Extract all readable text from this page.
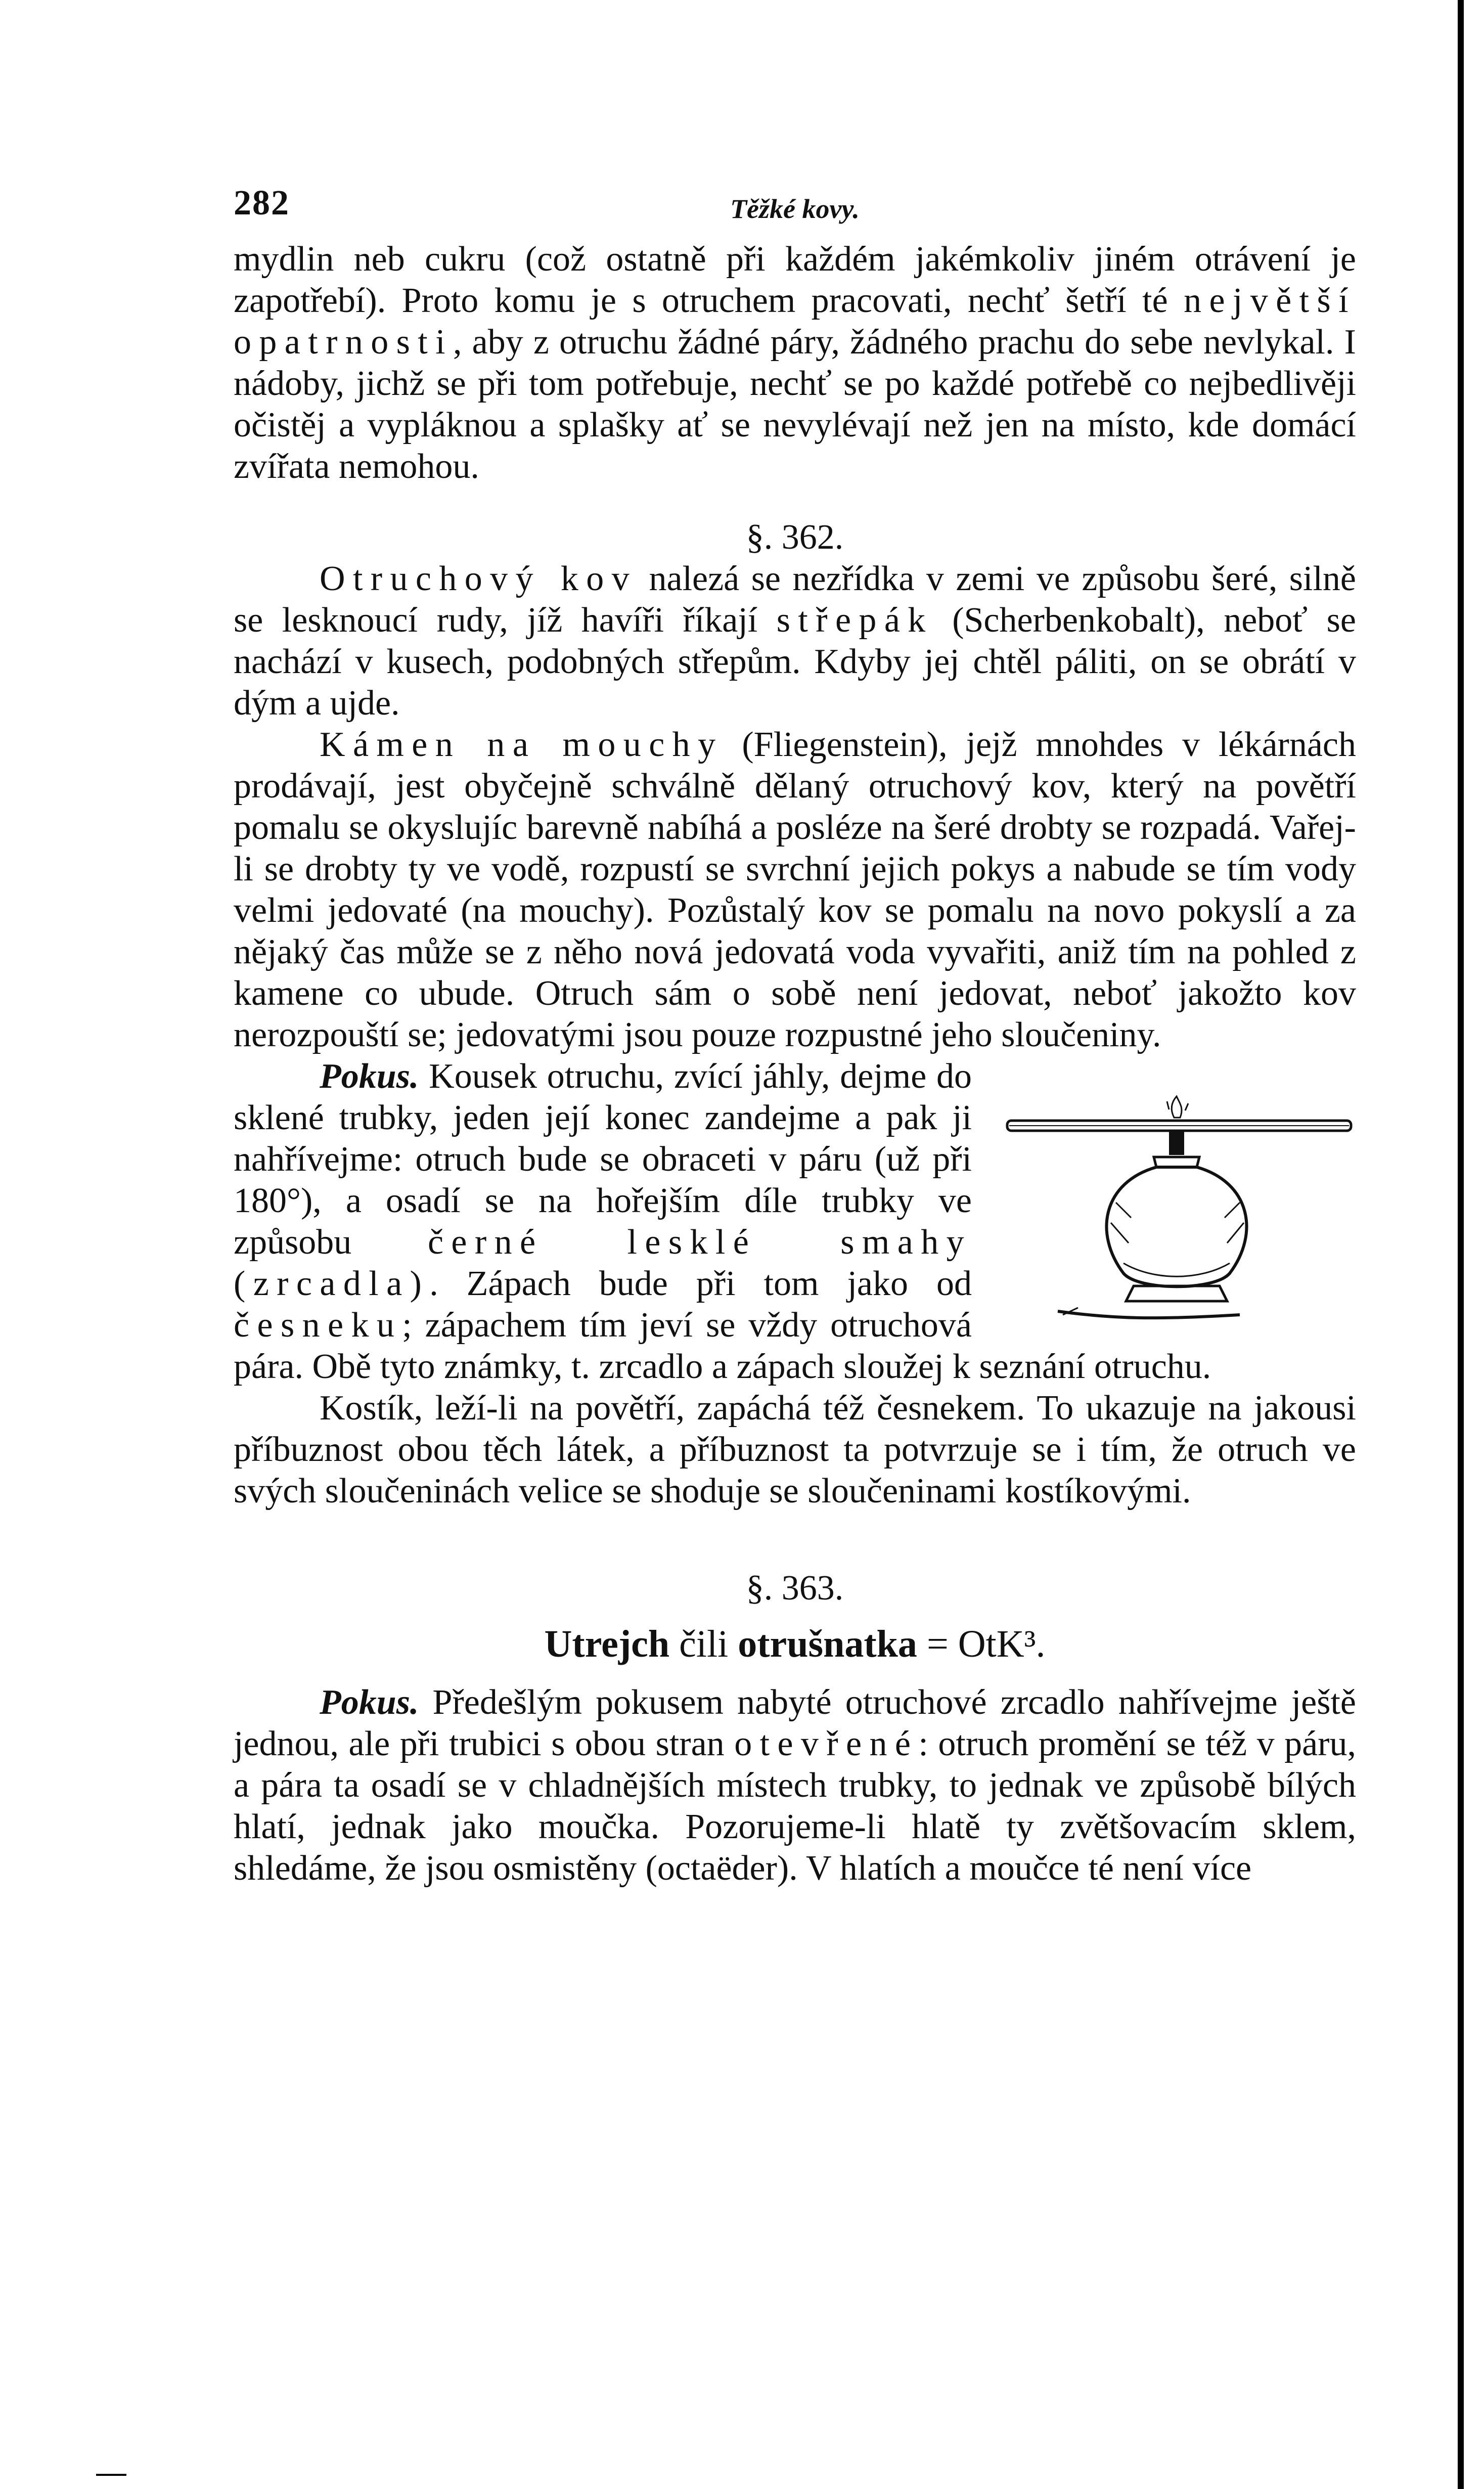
282	Těžké kovy.

mydlin neb cukru (což ostatně při každém jakémkoliv jiném otrávení je zapotřebí). Proto komu je s otruchem pracovati, nechť šetří té největší opatrnosti, aby z otruchu žádné páry, žádného prachu do sebe nevlykal. I nádoby, jichž se při tom potřebuje, nechť se po každé potřebě co nejbedlivěji očistěj a vypláknou a splašky ať se nevylévají než jen na místo, kde domácí zvířata nemohou.

§. 362.

Otruchový kov nalezá se nezřídka v zemi ve způsobu šeré, silně se lesknoucí rudy, jíž havíři říkají střepák (Scherbenkobalt), neboť se nachází v kusech, podobných střepům. Kdyby jej chtěl páliti, on se obrátí v dým a ujde.

Kámen na mouchy (Fliegenstein), jejž mnohdes v lékárnách prodávají, jest obyčejně schválně dělaný otruchový kov, který na povětří pomalu se okyslujíc barevně nabíhá a posléze na šeré drobty se rozpadá. Vařej-li se drobty ty ve vodě, rozpustí se svrchní jejich pokys a nabude se tím vody velmi jedovaté (na mouchy). Pozůstalý kov se pomalu na novo pokyslí a za nějaký čas může se z něho nová jedovatá voda vyvařiti, aniž tím na pohled z kamene co ubude. Otruch sám o sobě není jedovat, neboť jakožto kov nerozpouští se; jedovatými jsou pouze rozpustné jeho sloučeniny.

Pokus. Kousek otruchu, zvící jáhly, dejme do sklené trubky, jeden její konec zandejme a pak ji nahřívejme: otruch bude se obraceti v páru (už při 180°), a osadí se na hořejším díle trubky ve způsobu černé lesklé smahy (zrcadla). Zápach bude při tom jako od česneku; zápachem tím jeví se vždy otruchová pára. Obě tyto známky, t. zrcadlo a zápach sloužej k seznání otruchu.

Kostík, leží-li na povětří, zapáchá též česnekem. To ukazuje na jakousi příbuznost obou těch látek, a příbuznost ta potvrzuje se i tím, že otruch ve svých sloučeninách velice se shoduje se sloučeninami kostíkovými.

§. 363.

Utrejch čili otrušnatka = OtK³.

Pokus. Předešlým pokusem nabyté otruchové zrcadlo nahřívejme ještě jednou, ale při trubici s obou stran otevřené: otruch promění se též v páru, a pára ta osadí se v chladnějších místech trubky, to jednak ve způsobě bílých hlatí, jednak jako moučka. Pozorujeme-li hlatě ty zvětšovacím sklem, shledáme, že jsou osmistěny (octaëder). V hlatích a moučce té není více
